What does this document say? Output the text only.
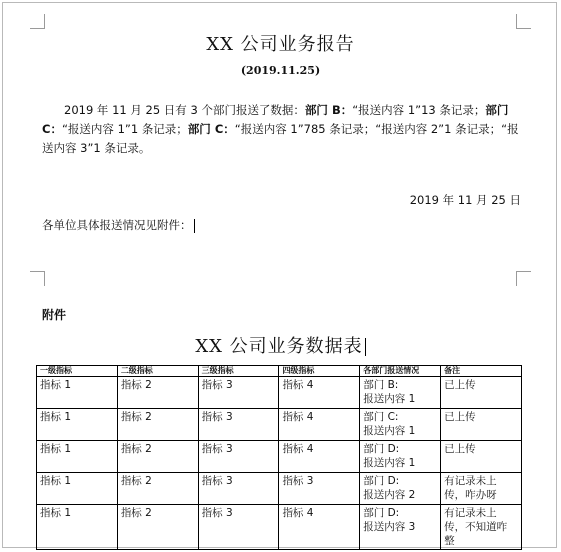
XX 公司业务报告
(2019.11.25)
2019 年 11 月 25 日有 3 个部门报送了数据：部门 B：“报送内容 1”13 条记录；部门 C：“报送内容 1”1 条记录；部门 C：“报送内容 1”785 条记录；“报送内容 2”1 条记录；“报送内容 3”1 条记录。
2019 年 11 月 25 日
各单位具体报送情况见附件：
附件
XX 公司业务数据表
一级指标	二级指标	三级指标	四级指标	各部门报送情况	备注
指标 1	指标 2	指标 3	指标 4	部门 B:
报送内容 1	已上传
指标 1	指标 2	指标 3	指标 4	部门 C:
报送内容 1	已上传
指标 1	指标 2	指标 3	指标 4	部门 D:
报送内容 1	已上传
指标 1	指标 2	指标 3	指标 3	部门 D:
报送内容 2	有记录未上
传，咋办呀
指标 1	指标 2	指标 3	指标 4	部门 D:
报送内容 3	有记录未上
传，不知道咋
整
